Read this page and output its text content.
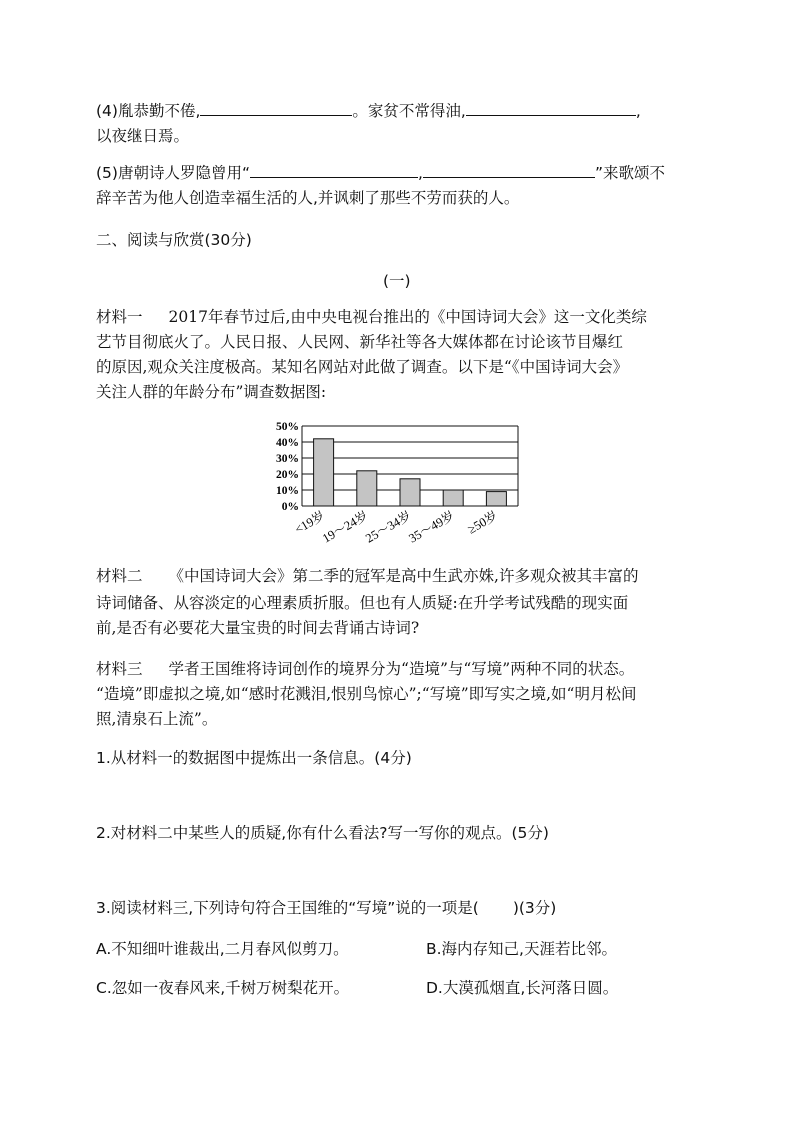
(4)胤恭勤不倦,	。家贫不常得油,	,
以夜继日焉。
(5)唐朝诗人罗隐曾用“	,	”来歌颂不
辞辛苦为他人创造幸福生活的人,并讽刺了那些不劳而获的人。
二、阅读与欣赏(30分)
(一)
材料一 2017年春节过后,由中央电视台推出的《中国诗词大会》这一文化类综
艺节目彻底火了。人民日报、人民网、新华社等各大媒体都在讨论该节目爆红
的原因,观众关注度极高。某知名网站对此做了调查。以下是“《中国诗词大会》
关注人群的年龄分布”调查数据图:
50%
40%
30%
20%
10%
0%
<19岁
19～24岁
25～34岁
35～49岁 ≥50岁
材料二 《中国诗词大会》第二季的冠军是高中生武亦姝,许多观众被其丰富的
诗词储备、从容淡定的心理素质折服。但也有人质疑:在升学考试残酷的现实面
前,是否有必要花大量宝贵的时间去背诵古诗词?
材料三 学者王国维将诗词创作的境界分为“造境”与“写境”两种不同的状态。
“造境”即虚拟之境,如“感时花溅泪,恨别鸟惊心”;“写境”即写实之境,如“明月松间
照,清泉石上流”。
1.从材料一的数据图中提炼出一条信息。(4分)
2.对材料二中某些人的质疑,你有什么看法?写一写你的观点。(5分)
3.阅读材料三,下列诗句符合王国维的“写境”说的一项是( )(3分)
A.不知细叶谁裁出,二月春风似剪刀。	B.海内存知己,天涯若比邻。
C.忽如一夜春风来,千树万树梨花开。	D.大漠孤烟直,长河落日圆。
